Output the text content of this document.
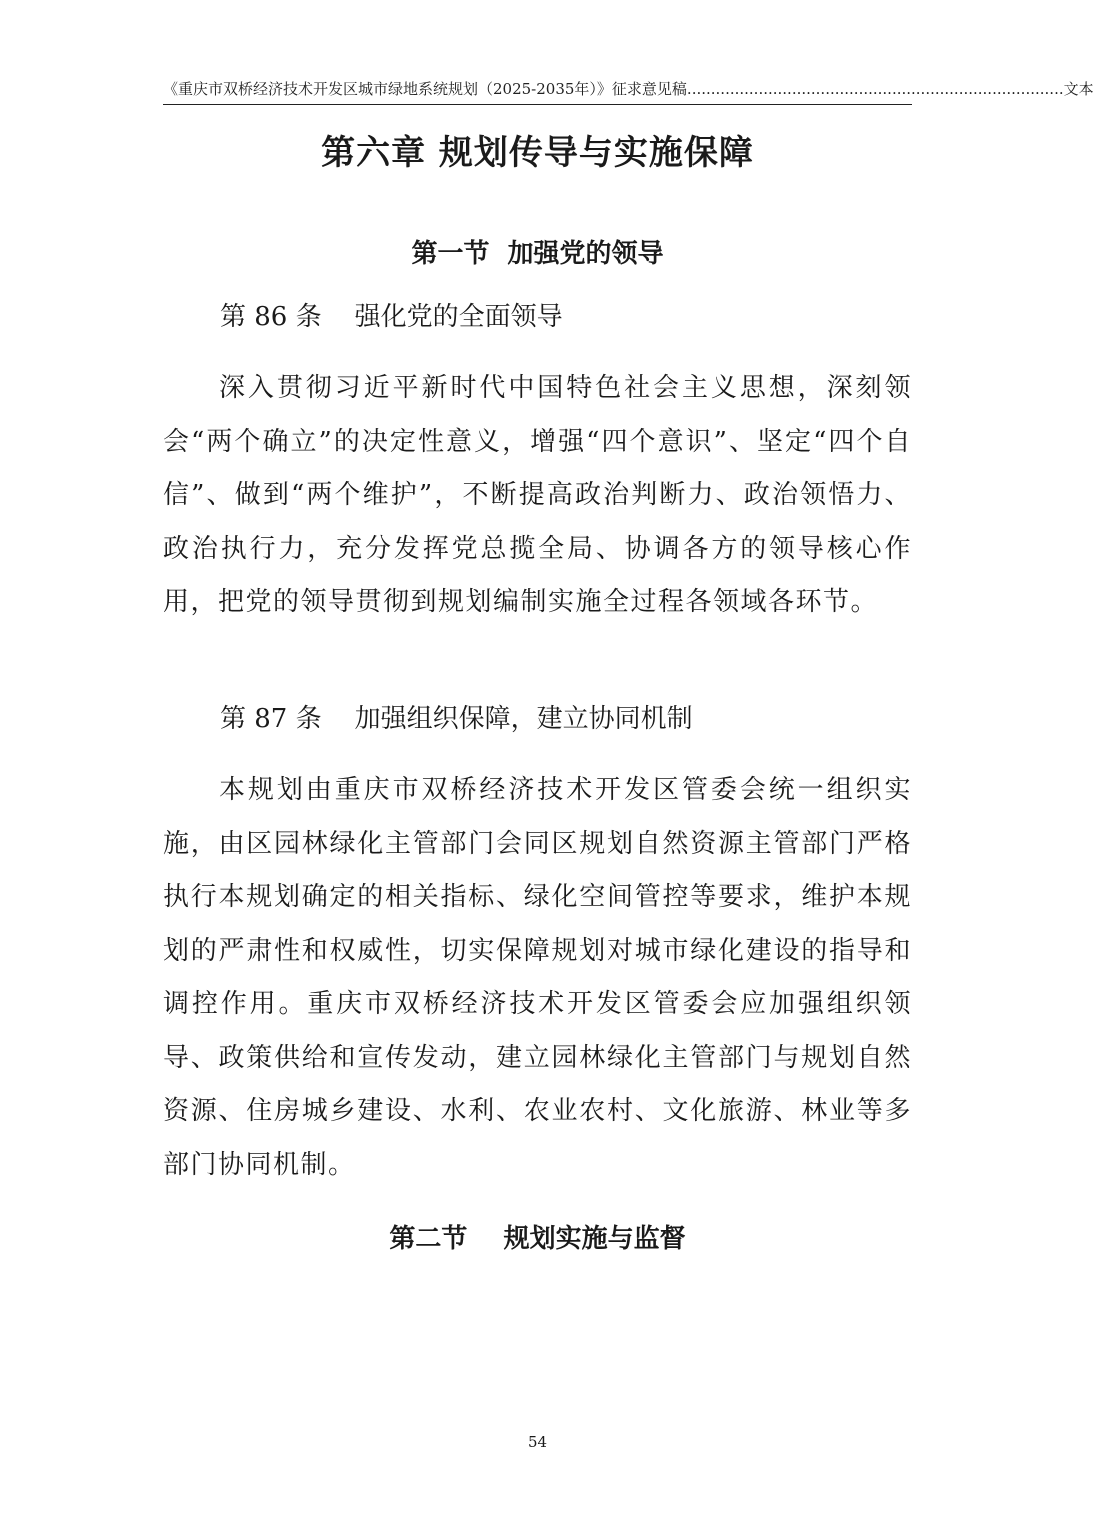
《重庆市双桥经济技术开发区城市绿地系统规划（2025-2035年）》征求意见稿 ............................................................................... 文本
第六章 规划传导与实施保障
第一节  加强党的领导
第 86 条    强化党的全面领导

深入贯彻习近平新时代中国特色社会主义思想，深刻领会“两个确立”的决定性意义，增强“四个意识”、坚定“四个自信”、做到“两个维护”，不断提高政治判断力、政治领悟力、政治执行力，充分发挥党总揽全局、协调各方的领导核心作用，把党的领导贯彻到规划编制实施全过程各领域各环节。

第 87 条    加强组织保障，建立协同机制

本规划由重庆市双桥经济技术开发区管委会统一组织实施，由区园林绿化主管部门会同区规划自然资源主管部门严格执行本规划确定的相关指标、绿化空间管控等要求，维护本规划的严肃性和权威性，切实保障规划对城市绿化建设的指导和调控作用。重庆市双桥经济技术开发区管委会应加强组织领导、政策供给和宣传发动，建立园林绿化主管部门与规划自然资源、住房城乡建设、水利、农业农村、文化旅游、林业等多部门协同机制。

第二节    规划实施与监督
54
